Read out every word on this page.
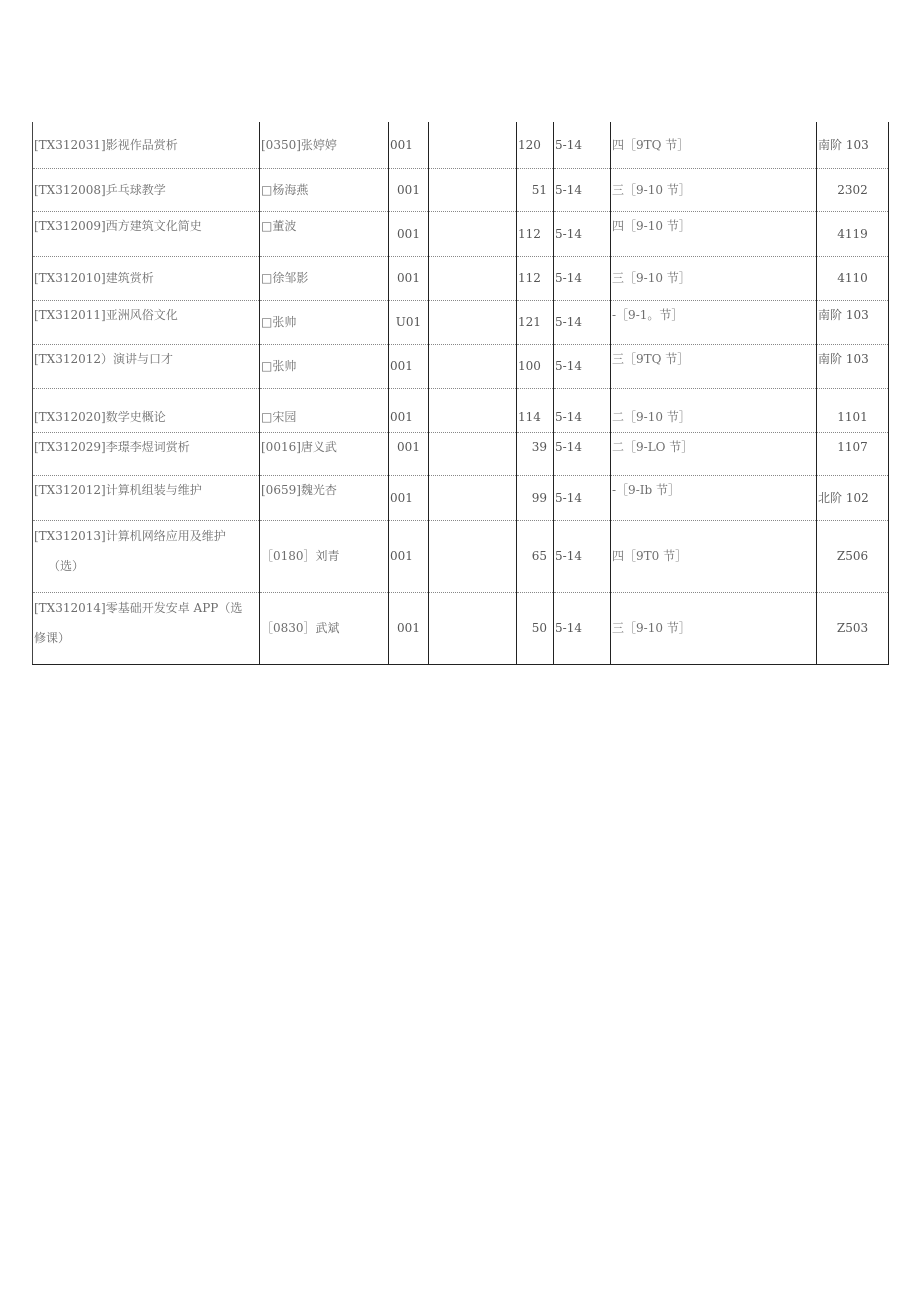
[TX312031]影视作品赏析	[0350]张婷婷	001		120	5-14	四［9TQ 节］	南阶 103
[TX312008]乒乓球教学	□杨海燕	001		51	5-14	三［9-10 节］	2302
[TX312009]西方建筑文化简史	□董波	001		112	5-14	四［9-10 节］	4119
[TX312010]建筑赏析	□徐邹影	001		112	5-14	三［9-10 节］	4110
[TX312011]亚洲风俗文化	□张帅	U01		121	5-14	-［9-1。节］	南阶 103
[TX312012）演讲与口才	□张帅	001		100	5-14	三［9TQ 节］	南阶 103
[TX312020]数学史概论	□宋园	001		114	5-14	二［9-10 节］	1101
[TX312029]李璟李煜词赏析	[0016]唐义武	001		39	5-14	二［9-LO 节］	1107
[TX312012]计算机组装与维护	[0659]魏光杏	001		99	5-14	-［9-Ib 节］	北阶 102

[TX312013]计算机网络应用及维护
（选）	［0180］刘青	001		65	5-14	四［9T0 节］	Z506

[TX312014]零基础开发安卓 APP（选
修课）	［0830］武斌	001		50	5-14	三［9-10 节］	Z503
